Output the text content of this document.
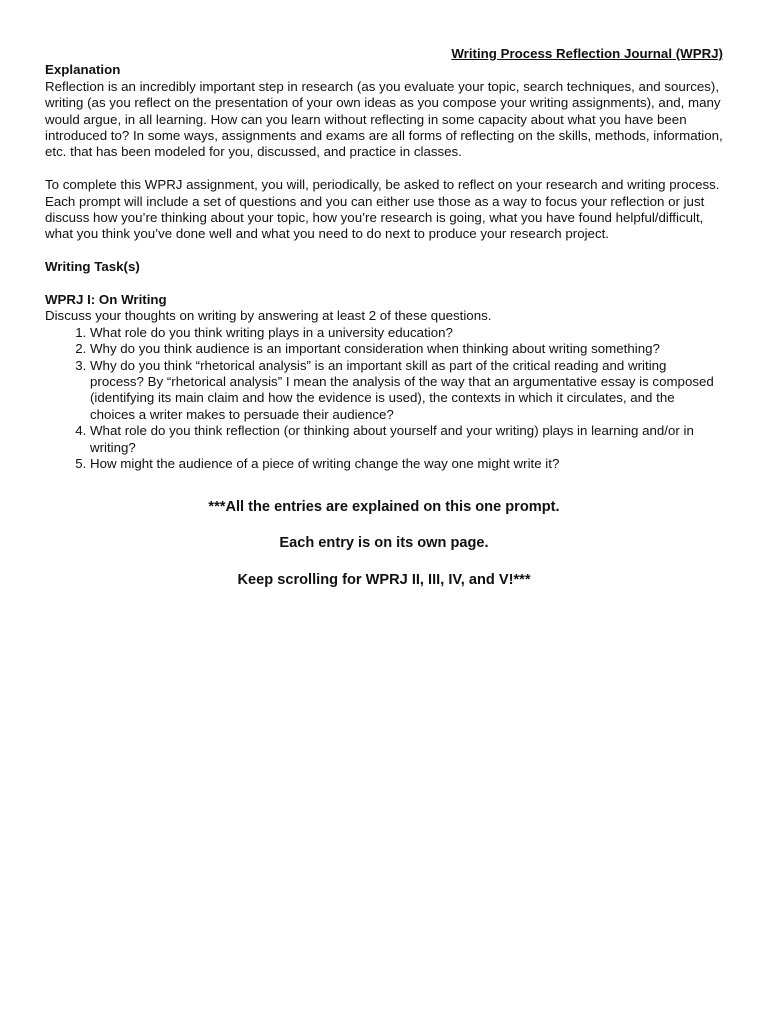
Writing Process Reflection Journal (WPRJ)

Explanation

Reflection is an incredibly important step in research (as you evaluate your topic, search techniques, and sources), writing (as you reflect on the presentation of your own ideas as you compose your writing assignments), and, many would argue, in all learning. How can you learn without reflecting in some capacity about what you have been introduced to? In some ways, assignments and exams are all forms of reflecting on the skills, methods, information, etc. that has been modeled for you, discussed, and practice in classes.

To complete this WPRJ assignment, you will, periodically, be asked to reflect on your research and writing process. Each prompt will include a set of questions and you can either use those as a way to focus your reflection or just discuss how you’re thinking about your topic, how you’re research is going, what you have found helpful/difficult, what you think you’ve done well and what you need to do next to produce your research project.

Writing Task(s)

WPRJ I: On Writing

Discuss your thoughts on writing by answering at least 2 of these questions.

1. What role do you think writing plays in a university education?
2. Why do you think audience is an important consideration when thinking about writing something?
3. Why do you think “rhetorical analysis” is an important skill as part of the critical reading and writing process? By “rhetorical analysis” I mean the analysis of the way that an argumentative essay is composed (identifying its main claim and how the evidence is used), the contexts in which it circulates, and the choices a writer makes to persuade their audience?
4. What role do you think reflection (or thinking about yourself and your writing) plays in learning and/or in writing?
5. How might the audience of a piece of writing change the way one might write it?

***All the entries are explained on this one prompt.

Each entry is on its own page.

Keep scrolling for WPRJ II, III, IV, and V!***
